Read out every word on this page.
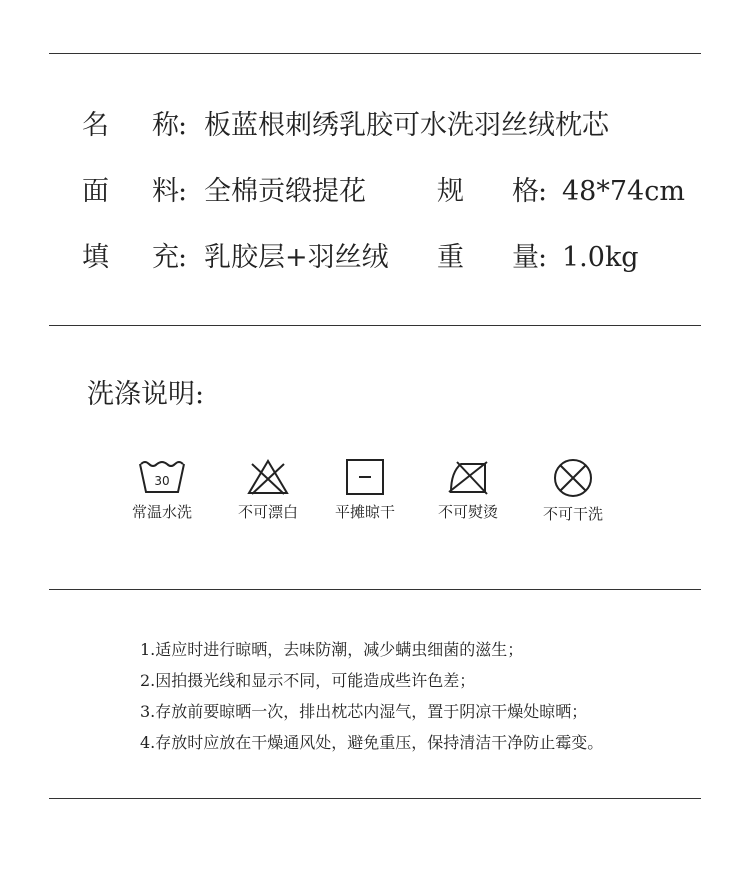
名 称 : 板蓝根刺绣乳胶可水洗羽丝绒枕芯
面 料 : 全棉贡缎提花	规 格 : 48*74cm
填 充 : 乳胶层+羽丝绒 重 量 : 1.0kg
洗涤说明:
30
常温水洗	不可漂白	平摊晾干	不可熨烫	不可干洗
1.适应时进行晾晒，去味防潮，减少螨虫细菌的滋生；
2.因拍摄光线和显示不同，可能造成些许色差；
3.存放前要晾晒一次，排出枕芯内湿气，置于阴凉干燥处晾晒；
4.存放时应放在干燥通风处，避免重压，保持清洁干净防止霉变。
